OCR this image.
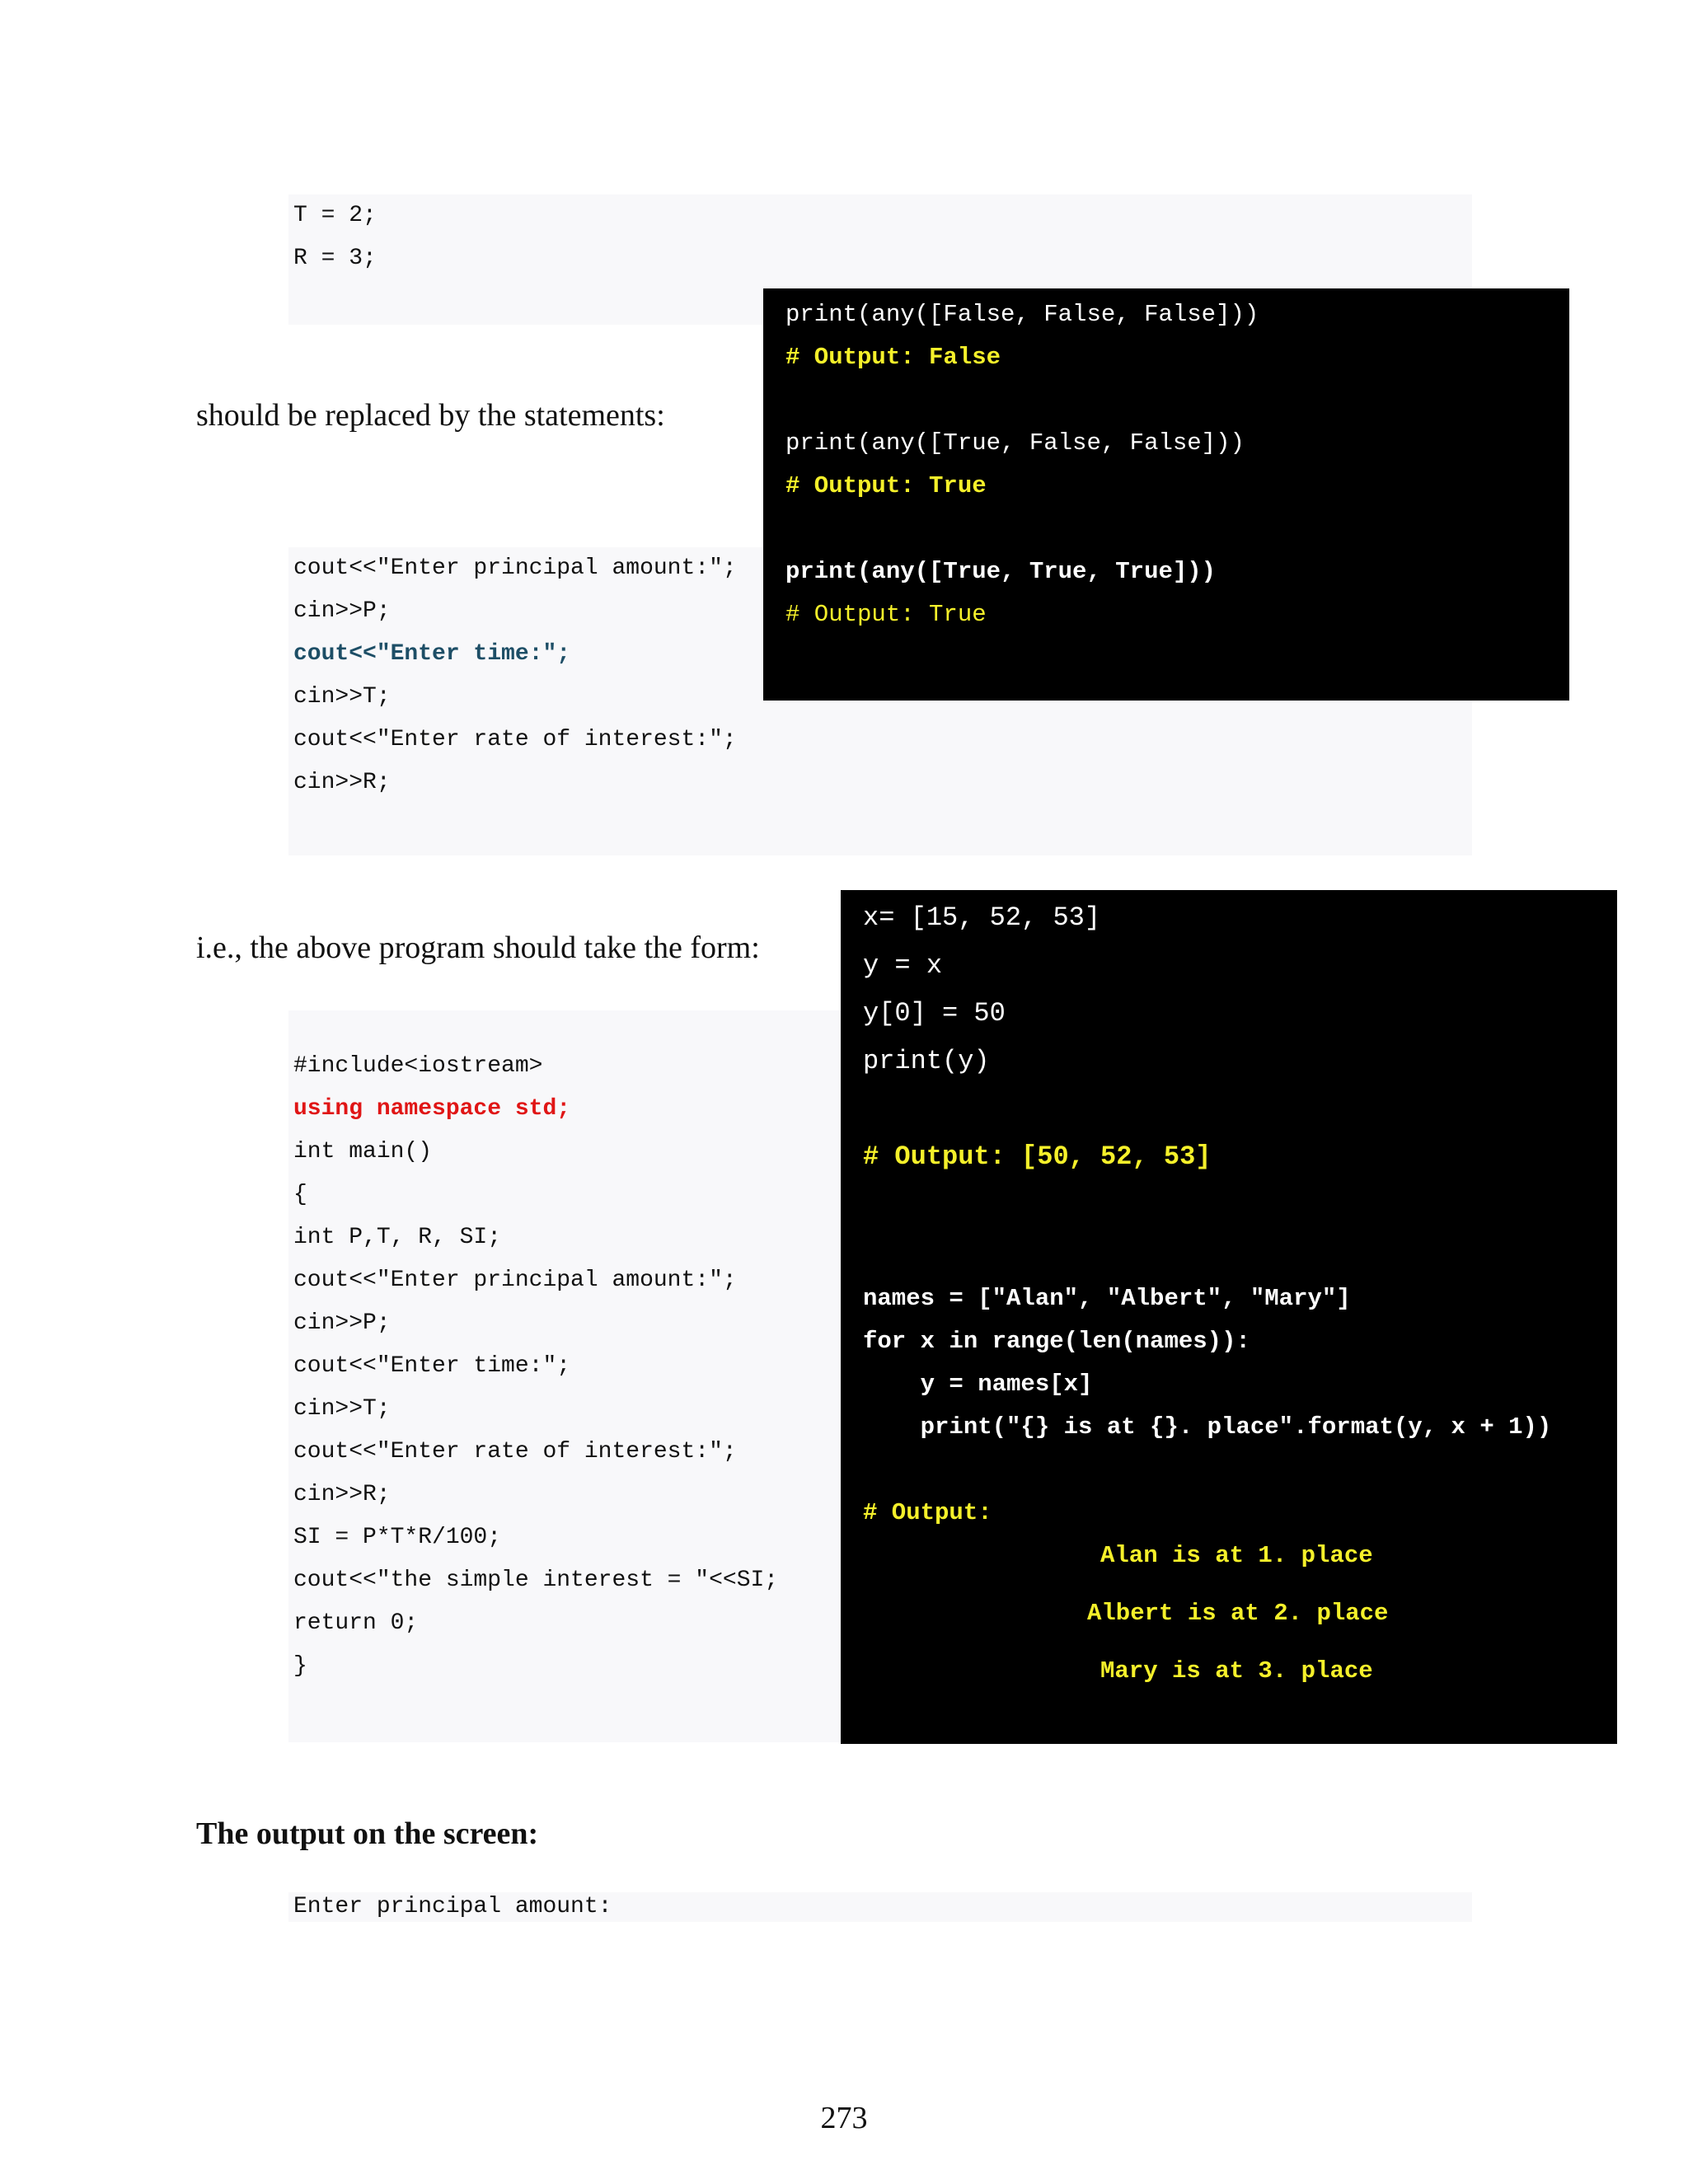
T = 2;
R = 3;
should be replaced by the statements:
cout<<"Enter principal amount:";
cin>>P;
cout<<"Enter time:";
cin>>T;
cout<<"Enter rate of interest:";
cin>>R;
i.e., the above program should take the form:
#include<iostream>
using namespace std;
int main()
{
int P,T, R, SI;
cout<<"Enter principal amount:";
cin>>P;
cout<<"Enter time:";
cin>>T;
cout<<"Enter rate of interest:";
cin>>R;
SI = P*T*R/100;
cout<<"the simple interest = "<<SI;
return 0;
}
The output on the screen:
Enter principal amount:
print(any([False, False, False]))
# Output: False
print(any([True, False, False]))
# Output: True
print(any([True, True, True]))
# Output: True
x= [15, 52, 53]
y = x
y[0] = 50
print(y)
# Output: [50, 52, 53]
names = ["Alan", "Albert", "Mary"]
for x in range(len(names)):
y = names[x]
print("{} is at {}. place".format(y, x + 1))
# Output:
Alan is at 1. place
Albert is at 2. place
Mary is at 3. place
273
